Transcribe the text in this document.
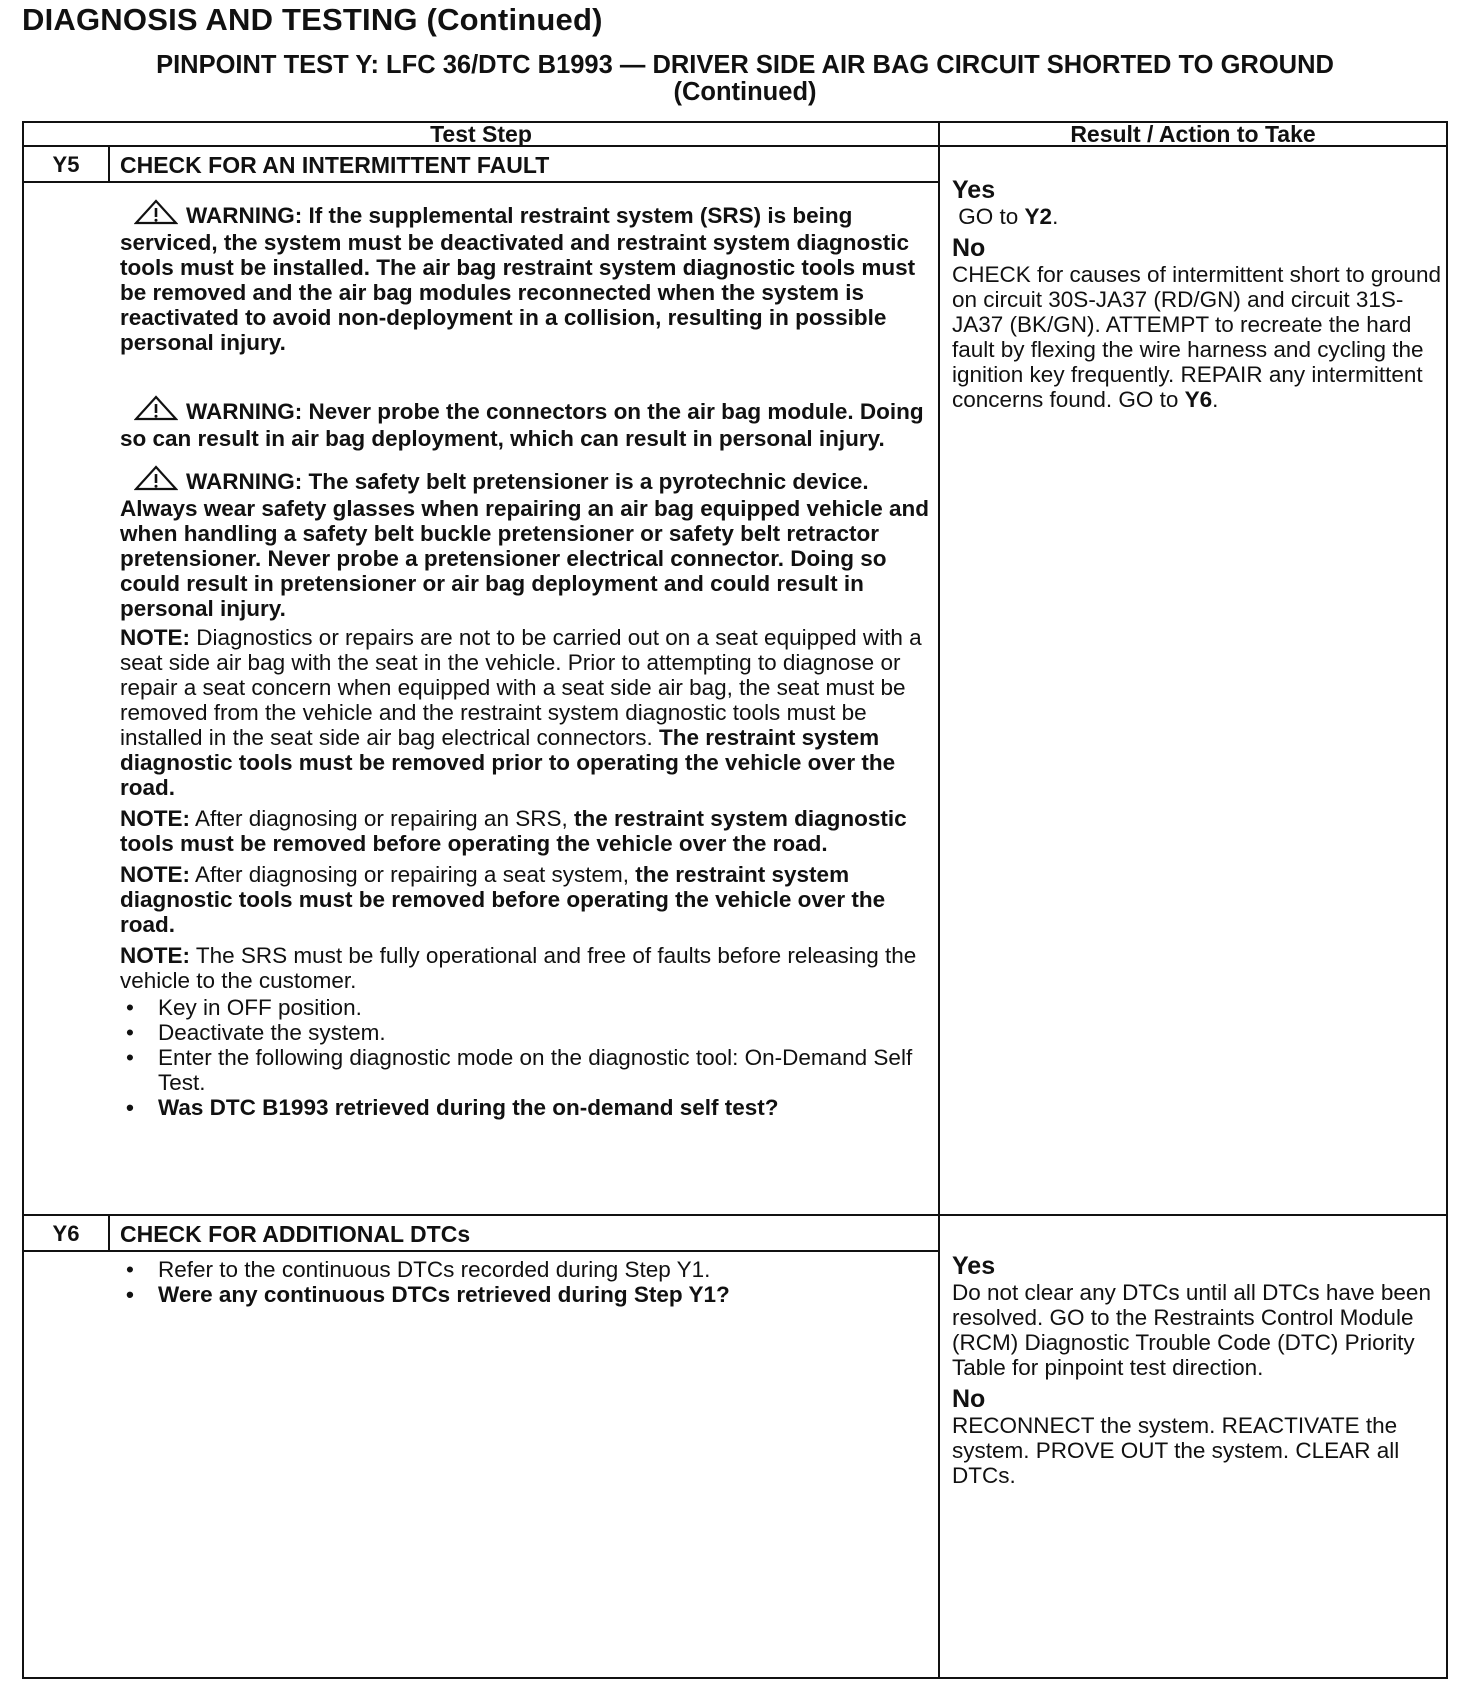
DIAGNOSIS AND TESTING (Continued)
PINPOINT TEST Y: LFC 36/DTC B1993 — DRIVER SIDE AIR BAG CIRCUIT SHORTED TO GROUND
(Continued)
Test Step	Result / Action to Take
Y5	CHECK FOR AN INTERMITTENT FAULT
WARNING: If the supplemental restraint system (SRS) is being serviced, the system must be deactivated and restraint system diagnostic tools must be installed. The air bag restraint system diagnostic tools must be removed and the air bag modules reconnected when the system is reactivated to avoid non-deployment in a collision, resulting in possible personal injury.
WARNING: Never probe the connectors on the air bag module. Doing so can result in air bag deployment, which can result in personal injury.
WARNING: The safety belt pretensioner is a pyrotechnic device. Always wear safety glasses when repairing an air bag equipped vehicle and when handling a safety belt buckle pretensioner or safety belt retractor pretensioner. Never probe a pretensioner electrical connector. Doing so could result in pretensioner or air bag deployment and could result in personal injury.
NOTE: Diagnostics or repairs are not to be carried out on a seat equipped with a seat side air bag with the seat in the vehicle. Prior to attempting to diagnose or repair a seat concern when equipped with a seat side air bag, the seat must be removed from the vehicle and the restraint system diagnostic tools must be installed in the seat side air bag electrical connectors. The restraint system diagnostic tools must be removed prior to operating the vehicle over the road.
NOTE: After diagnosing or repairing an SRS, the restraint system diagnostic tools must be removed before operating the vehicle over the road.
NOTE: After diagnosing or repairing a seat system, the restraint system diagnostic tools must be removed before operating the vehicle over the road.
NOTE: The SRS must be fully operational and free of faults before releasing the vehicle to the customer.
• Key in OFF position.
• Deactivate the system.
• Enter the following diagnostic mode on the diagnostic tool: On-Demand Self Test.
• Was DTC B1993 retrieved during the on-demand self test?
Yes

GO to Y2.

No

CHECK for causes of intermittent short to ground on circuit 30S-JA37 (RD/GN) and circuit 31S-JA37 (BK/GN). ATTEMPT to recreate the hard fault by flexing the wire harness and cycling the ignition key frequently. REPAIR any intermittent concerns found. GO to Y6.

Y6	CHECK FOR ADDITIONAL DTCs
• Refer to the continuous DTCs recorded during Step Y1.
• Were any continuous DTCs retrieved during Step Y1?
Yes

Do not clear any DTCs until all DTCs have been resolved. GO to the Restraints Control Module (RCM) Diagnostic Trouble Code (DTC) Priority Table for pinpoint test direction.

No

RECONNECT the system. REACTIVATE the system. PROVE OUT the system. CLEAR all DTCs.
